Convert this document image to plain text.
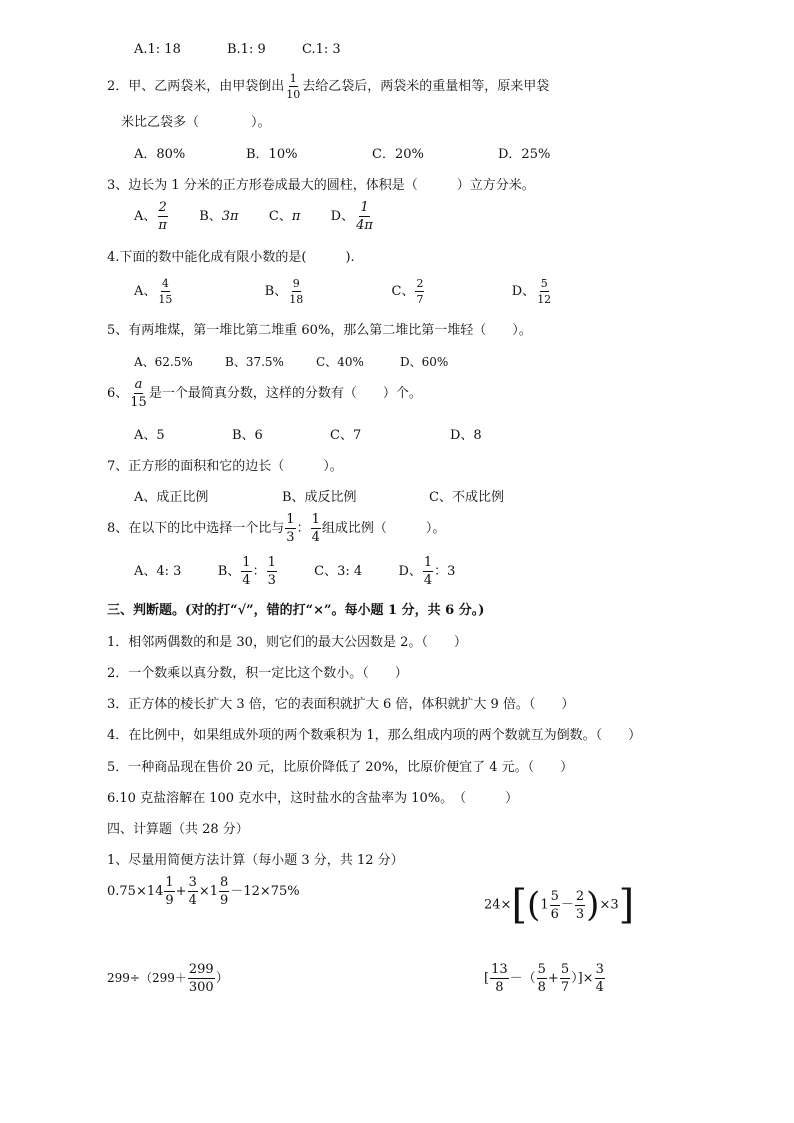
A.1: 18	B.1: 9	C.1: 3
2．甲、乙两袋米，由甲袋倒出 $\frac{1}{10}$ 去给乙袋后，两袋米的重量相等，原来甲袋
米比乙袋多（　　　　）。
A．80%	B．10%	C．20%	D．25%
3、边长为 1 分米的正方形卷成最大的圆柱，体积是（　　　）立方分米。
A、 $\frac{2}{\pi}$ B、3π C、π D、 $\frac{1}{4\pi}$
4.下面的数中能化成有限小数的是(　　　).
A、 $\frac{4}{15}$	B、 $\frac{9}{18}$	C、 $\frac{2}{7}$	D、 $\frac{5}{12}$
5、有两堆煤，第一堆比第二堆重 60%，那么第二堆比第一堆轻（　　）。
A、62.5%	B、37.5%	C、40%	D、60%
6、 $\frac{a}{15}$ 是一个最简真分数，这样的分数有（　　）个。
A、5	B、6	C、7	D、8
7、正方形的面积和它的边长（　　　）。
A、成正比例	B、成反比例	C、不成比例
8、在以下的比中选择一个比与 $\frac{1}{3}$ ： $\frac{1}{4}$ 组成比例（　　　）。
A、4: 3	B、 $\frac{1}{4}$ ： $\frac{1}{3}$	C、3: 4	D、 $\frac{1}{4}$ ：3
三、判断题。(对的打“√”，错的打“×”。每小题 1 分，共 6 分。)
1．相邻两偶数的和是 30，则它们的最大公因数是 2。（　　）
2．一个数乘以真分数，积一定比这个数小。（　　）
3．正方体的棱长扩大 3 倍，它的表面积就扩大 6 倍，体积就扩大 9 倍。（　　）
4．在比例中，如果组成外项的两个数乘积为 1，那么组成内项的两个数就互为倒数。（　　）
5．一种商品现在售价 20 元，比原价降低了 20%，比原价便宜了 4 元。（　　）
6.10 克盐溶解在 100 克水中，这时盐水的含盐率为 10%。　（　　　）
四、计算题（共 28 分）
1、尽量用简便方法计算（每小题 3 分，共 12 分）
$0.75\times 14 \frac{1}{9} + \frac{3}{4} \times 1 \frac{8}{9} -12\times 75\%$
$24\times[(1 \frac{5}{6} - \frac{2}{3} )\times 3]$
$299\div(299+ \frac{299}{300}$ ）	[ $\frac{13}{8}$ －（ $\frac{5}{8} + \frac{5}{7}$ ）]× $\frac{3}{4}$
